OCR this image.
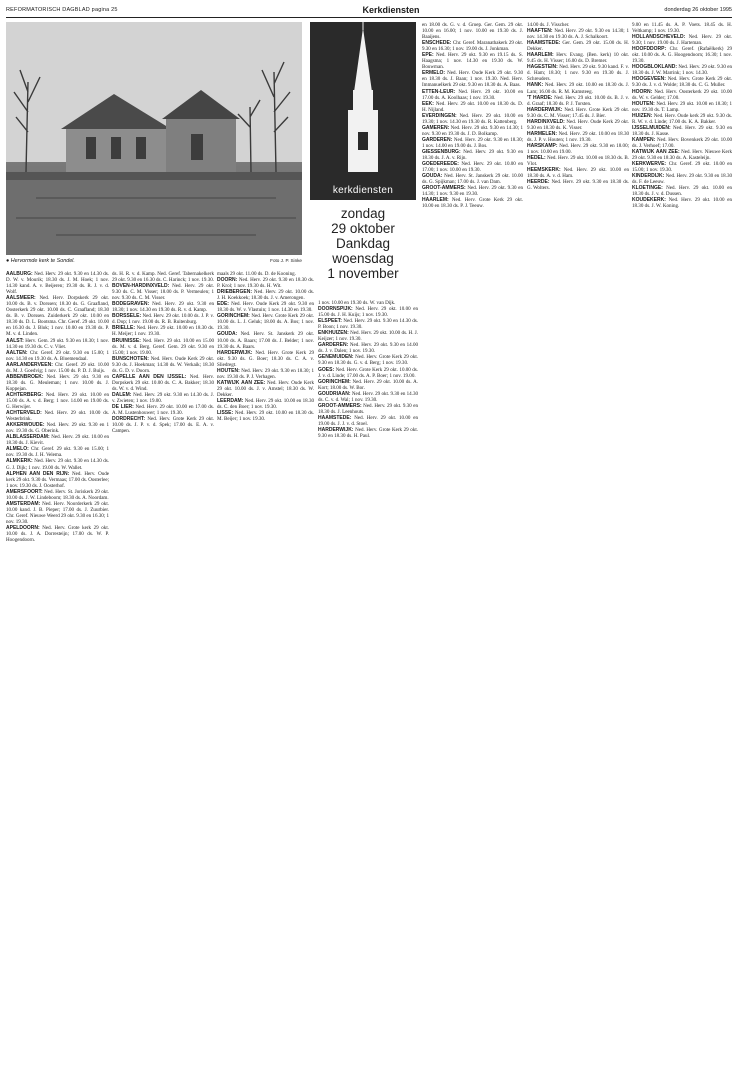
REFORMATORISCH DAGBLAD pagina 25	Kerkdiensten	donderdag 26 oktober 1995
● Hervormde kerk te Sondel.	Foto J. P. Sinke
kerkdiensten
zondag
29 oktober
Dankdag
woensdag
1 november

AALBURG: Ned. Herv. 29 okt. 9.30 en 14.30 ds. D. W. v. Mourik; 18.30 ds. J. M. Hoek; 1 nov. 14.30 kand. A. v. Beijeren; 19.30 ds. R. J. v. d. Wolf.

AALSMEER: Ned. Herv. Dorpskerk 29 okt. 10.00 ds. B. v. Dorssen; 18.30 ds. G. Graafland, Oosterkerk 29 okt. 10.00 ds. C. Graafland; 18.30 ds. B. v. Dorssen. Zuiderkerk 29 okt. 10.00 en 18.30 ds. D. L. Bootsma. Chr. Geref. 29 okt. 10.00 en 16.30 ds. J. Blok; 1 nov. 10.00 en 19.30 ds. P. M. v. d. Linden.

AALST: Herv. Gem. 29 okt. 9.30 en 18.30; 1 nov. 14.30 en 19.30 ds. C. v. Vliet.

AALTEN: Chr. Geref. 29 okt. 9.30 en 15.00; 1 nov. 14.30 en 19.30 ds. A. Bloemendaal.

AARLANDERVEEN: Chr. Geref. 29 okt. 10.00 ds. M. J. Goedvig; 1 nov. 15.00 ds. P. D. J. Buijs.

ABBENBROEK: Ned. Herv. 29 okt. 9.30 en 18.30 ds. G. Meuleman; 1 nov. 10.00 ds. J. Koppejan.

ACHTERBERG: Ned. Herv. 29 okt. 10.00 en 15.00 ds. A. v. d. Berg; 1 nov. 14.00 en 19.00 ds. G. Herwijer.

ACHTERVELD: Ned. Herv. 29 okt. 10.00 ds. Westerbrink.

AKKERWOUDE: Ned. Herv. 29 okt. 9.30 en 1 nov. 19.30 ds. G. Oberink.

ALBLASSERDAM: Ned. Herv. 29 okt. 10.00 en 18.30 ds. J. Kievit.

ALMELO: Chr. Geref. 29 okt. 9.30 en 15.00; 1 nov. 19.30 ds. J. H. Velema.

ALMKERK: Ned. Herv. 29 okt. 9.30 en 14.30 ds. G. J. Dijk; 1 nov. 19.00 ds. W. Wallet.

ALPHEN AAN DEN RIJN: Ned. Herv. Oude kerk 29 okt. 9.30 ds. Vermaas; 17.00 ds. Oosterlee; 1 nov. 19.30 ds. J. Oosterhof.

AMERSFOORT: Ned. Herv. St. Joriskerk 29 okt. 10.00 ds. J. W. Lindeboom; 18.30 ds. A. Noordam.

AMSTERDAM: Ned. Herv. Noorderkerk 29 okt. 10.00 kand. J. B. Pieper; 17.00 ds. J. Zuurbier. Chr. Geref. Nieuwe Weerd 29 okt. 9.30 en 16.30; 1 nov. 19.30.

APELDOORN: Ned. Herv. Grote kerk 29 okt. 10.00 ds. J. A. Dorresteijn; 17.00 ds. W. P. Hoogendoorn.

ds. H. R. v. d. Kamp. Ned. Geref. Tabernakelkerk 29 okt. 9.30 en 16.30 ds. C. Harinck; 1 nov. 19.30.

BOVEN-HARDINXVELD: Ned. Herv. 29 okt. 9.30 ds. C. M. Visser; 18.00 ds. P. Vermeulen; 1 nov. 9.30 ds. C. M. Visser.

BODEGRAVEN: Ned. Herv. 29 okt. 9.30 en 18.30; 1 nov. 14.30 en 19.30 ds. R. v. d. Kamp.

BORSSELE: Ned. Herv. 29 okt. 10.00 ds. J. P. v. d. Dop; 1 nov. 19.00 ds. R. B. Ruitenburg.

BRIELLE: Ned. Herv. 29 okt. 10.00 en 18.30 ds. H. Meijer; 1 nov. 19.30.

BRUINISSE: Ned. Herv. 29 okt. 10.00 en 15.00 ds. M. v. d. Berg. Geref. Gem. 29 okt. 9.30 en 15.00; 1 nov. 19.00.

BUNSCHOTEN: Ned. Herv. Oude Kerk 29 okt. 9.30 ds. J. Hoekman; 14.30 ds. W. Verkaik; 18.30 ds. G. D. v. Doorn.

CAPELLE AAN DEN IJSSEL: Ned. Herv. Dorpskerk 29 okt. 10.00 ds. C. A. Bakker; 18.30 ds. W. v. d. Wind.

DALEM: Ned. Herv. 29 okt. 9.30 en 14.30 ds. J. v. Zwieten; 1 nov. 19.00.

DE LIER: Ned. Herv. 29 okt. 10.00 en 17.00 ds. A. M. Lustenhouwer; 1 nov. 19.30.

DORDRECHT: Ned. Herv. Grote Kerk 29 okt. 10.00 ds. J. P. v. d. Spek; 17.00 ds. E. A. v. Campen.

maals 29 okt. 11.00 ds. D. de Kooning.

DOORN: Ned. Herv. 29 okt. 9.30 en 18.30 ds. P. Krol; 1 nov. 19.30 ds. H. Wit.

DRIEBERGEN: Ned. Herv. 29 okt. 10.00 ds. J. H. Koekkoek; 18.30 ds. J. v. Amerongen.

EDE: Ned. Herv. Oude Kerk 29 okt. 9.30 en 18.30 ds. W. v. Vlastuin; 1 nov. 14.30 en 19.30.

GORINCHEM: Ned. Herv. Grote Kerk 29 okt. 10.00 ds. L. J. Geluk; 18.00 ds. A. Bos; 1 nov. 19.30.

GOUDA: Ned. Herv. St. Janskerk 29 okt. 10.00 ds. A. Baars; 17.00 ds. J. Belder; 1 nov. 19.30 ds. A. Baars.

HARDERWIJK: Ned. Herv. Grote Kerk 29 okt. 9.30 ds. G. Boer; 18.30 ds. C. A. v. Sliedregt.

HOUTEN: Ned. Herv. 29 okt. 9.30 en 18.30; 1 nov. 19.30 ds. P. J. Verhagen.

KATWIJK AAN ZEE: Ned. Herv. Oude Kerk 29 okt. 10.00 ds. J. v. Amstel; 18.30 ds. W. Dekker.

LEERDAM: Ned. Herv. 29 okt. 10.00 en 18.30 ds. C. den Boer; 1 nov. 19.30.

LISSE: Ned. Herv. 29 okt. 10.00 en 18.30 ds. M. Beijer; 1 nov. 19.30.

1 nov. 10.00 en 19.30 ds. W. van Dijk.

DOORNSPIJK: Ned. Herv. 29 okt. 10.00 en 15.00 ds. J. H. Kuijs; 1 nov. 19.30.

ELSPEET: Ned. Herv. 29 okt. 9.30 en 14.30 ds. P. Boon; 1 nov. 19.30.

ENKHUIZEN: Ned. Herv. 29 okt. 10.00 ds. H. J. Keijzer; 1 nov. 19.30.

GARDEREN: Ned. Herv. 29 okt. 9.30 en 14.00 ds. J. v. Dalen; 1 nov. 19.30.

GENEMUIDEN: Ned. Herv. Grote Kerk 29 okt. 9.30 en 18.30 ds. G. v. d. Berg; 1 nov. 19.30.

GOES: Ned. Herv. Grote Kerk 29 okt. 10.00 ds. J. v. d. Linde; 17.00 ds. A. P. Boer; 1 nov. 19.00.

GORINCHEM: Ned. Herv. 29 okt. 10.00 ds. A. Kort; 18.00 ds. W. Bor.

GOUDRIAAN: Ned. Herv. 29 okt. 9.30 en 14.30 ds. C. v. d. Wal; 1 nov. 19.30.

GROOT-AMMERS: Ned. Herv. 29 okt. 9.30 en 18.30 ds. J. Leenhouts.

HAAMSTEDE: Ned. Herv. 29 okt. 10.00 en 19.00 ds. J. J. v. d. Stoel.

HARDERWIJK: Ned. Herv. Grote Kerk 29 okt. 9.30 en 18.30 ds. H. Paul.

en 18.00 ds. G. v. d. Groep. Ger. Gem. 29 okt. 10.00 en 16.00; 1 nov. 10.00 en 19.30 ds. J. Baaijens.

ENSCHEDE: Chr. Geref. Maranathakerk 29 okt. 9.30 en 16.30; 1 nov. 19.00 ds. J. Jonkman.

EPE: Ned. Herv. 29 okt. 9.30 en 19.15 ds. S. Haagsma; 1 nov. 14.30 en 19.30 ds. W. Bouwman.

ERMELO: Ned. Herv. Oude Kerk 29 okt. 9.30 en 18.30 ds. J. Baan; 1 nov. 19.30. Ned. Herv. Immanuelkerk 29 okt. 9.30 en 18.30 ds. A. Baas.

ETTEN-LEUR: Ned. Herv. 29 okt. 10.00 en 17.00 ds. A. Koolhaas; 1 nov. 19.30.

EEK: Ned. Herv. 29 okt. 10.00 en 18.30 ds. D. H. Nijland.

EVERDINGEN: Ned. Herv. 29 okt. 10.00 en 19.30; 1 nov. 14.30 en 19.30 ds. R. Kattenberg.

GAMEREN: Ned. Herv. 29 okt. 9.30 en 14.30; 1 nov. 9.30 en 19.30 ds. J. D. Bolkamp.

GARDEREN: Ned. Herv. 29 okt. 9.30 en 18.30; 1 nov. 14.00 en 19.00 ds. J. Bos.

GIESSENBURG: Ned. Herv. 29 okt. 9.30 en 18.30 ds. J. A. v. Rijn.

GOEDEREEDE: Ned. Herv. 29 okt. 10.00 en 17.00; 1 nov. 10.00 en 19.30.

GOUDA: Ned. Herv. St. Janskerk 29 okt. 10.00 ds. G. Spijkman; 17.00 ds. J. van Dam.

GROOT-AMMERS: Ned. Herv. 29 okt. 9.30 en 14.30; 1 nov. 9.30 en 19.30.

HAARLEM: Ned. Herv. Grote Kerk 29 okt. 10.00 en 18.30 ds. P. J. Teeuw.

14.00 ds. J. Visscher.

HAAFTEN: Ned. Herv. 29 okt. 9.30 en 14.30; 1 nov. 14.30 en 19.30 ds. A. J. Schalkoort.

HAAMSTEDE: Ger. Gem. 29 okt. 15.00 ds. H. Dekker.

HAARLEM: Herv. Evang. (Ben. kerk) 10 okt. 9.45 ds. H. Visser; 16.00 ds. D. Bremer.

HAGESTEIN: Ned. Herv. 29 okt. 9.30 kand. F. v. d. Ham; 18.30; 1 nov. 9.30 en 19.30 ds. J. Schreuders.

HANK: Ned. Herv. 29 okt. 10.00 en 18.30 ds. J. Lam; 16.00 ds. R. M. Kamsteeg.

'T HARDE: Ned. Herv. 29 okt. 10.00 ds. B. J. v. d. Graaf; 18.30 ds. P. J. Torsten.

HARDERWIJK: Ned. Herv. Grote Kerk 29 okt. 9.30 ds. C. M. Visser; 17.45 ds. J. Bier.

HARDINXVELD: Ned. Herv. Oude Kerk 29 okt. 9.30 en 18.30 ds. K. Visser.

HARMELEN: Ned. Herv. 29 okt. 10.00 en 18.30 ds. J. P. v. Houten; 1 nov. 19.30.

HARSKAMP: Ned. Herv. 29 okt. 9.30 en 18.00; 1 nov. 10.00 en 19.00.

HEDEL: Ned. Herv. 29 okt. 10.00 en 18.30 ds. B. Vlot.

HEEMSKERK: Ned. Herv. 29 okt. 10.00 en 18.30 ds. A. v. d. Ham.

HEERDE: Ned. Herv. 29 okt. 9.30 en 18.30 ds. G. Wolters.

9.00 en 11.45 ds. A. P. Voets. 18.45 ds. H. Veltkamp; 1 nov. 19.30.

HOLLANDSCHEVELD: Ned. Herv. 29 okt. 9.30; 1 nov. 19.00 ds. J. Harteman.

HOOFDDORP: Chr. Geref. (Rafaëlkerk) 29 okt. 10.00 ds. A. G. Hoogendoorn; 16.30; 1 nov. 19.30.

HOOGBLOKLAND: Ned. Herv. 29 okt. 9.30 en 18.30 ds. J. W. Marrink; 1 nov. 14.30.

HOOGEVEEN: Ned. Herv. Grote Kerk 29 okt. 9.30 ds. J. v. d. Wolde; 18.30 ds. C. G. Muller.

HOORN: Ned. Herv. Oosterkerk 29 okt. 10.00 ds. W. v. Gelder; 17.00.

HOUTEN: Ned. Herv. 29 okt. 10.00 en 18.30; 1 nov. 19.30 ds. T. Lamp.

HUIZEN: Ned. Herv. Oude kerk 29 okt. 9.30 ds. R. W. v. d. Linde; 17.00 ds. K. A. Bakker.

IJSSELMUIDEN: Ned. Herv. 29 okt. 9.30 en 18.30 ds. J. Kasse.

KAMPEN: Ned. Herv. Bovenkerk 29 okt. 10.00 ds. J. Verhoef; 17.00.

KATWIJK AAN ZEE: Ned. Herv. Nieuwe Kerk 29 okt. 9.30 en 18.30 ds. A. Kasteleijn.

KERKWERVE: Chr. Geref. 29 okt. 10.00 en 15.00; 1 nov. 19.30.

KINDERDIJK: Ned. Herv. 29 okt. 9.30 en 18.30 ds. F. de Leeuw.

KLOETINGE: Ned. Herv. 29 okt. 10.00 en 18.30 ds. J. v. d. Dussen.

KOUDEKERK: Ned. Herv. 29 okt. 10.00 en 18.30 ds. J. W. Koning.
